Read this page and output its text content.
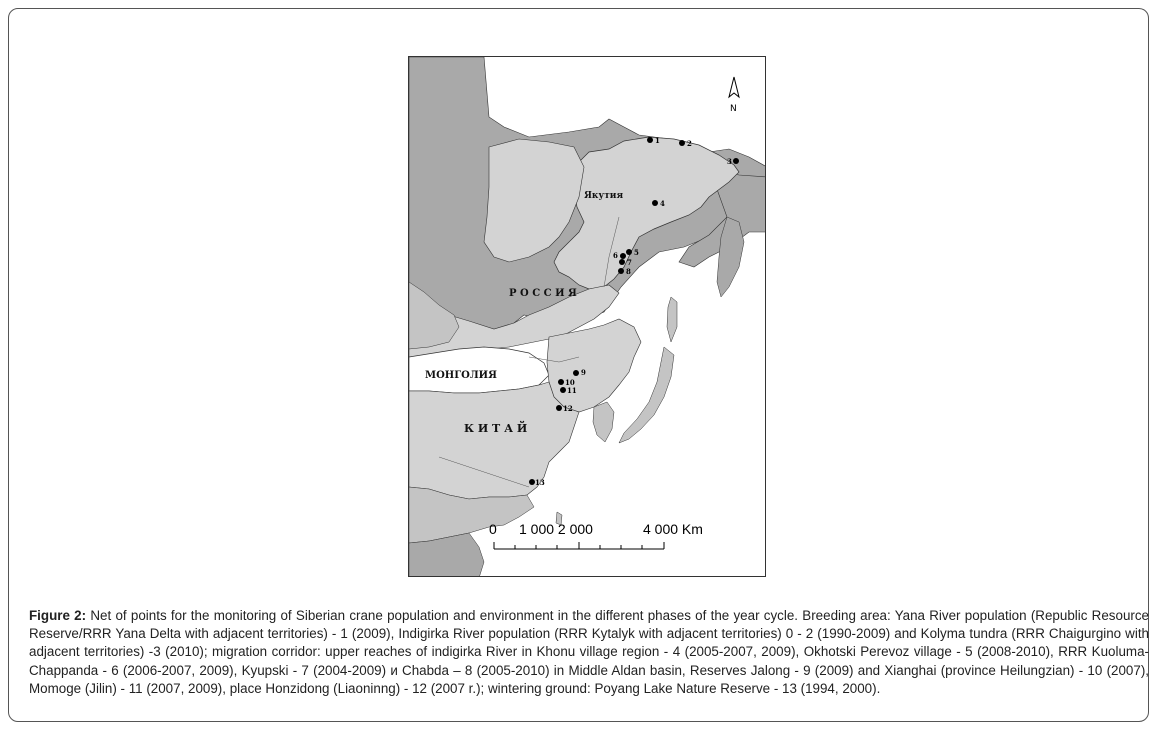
N
Якутия
Р О С С И Я
МОНГОЛИЯ
К И Т А Й
1	2
3
4
5
6
7
8
9
10
11
12
13
0 1 000 2 000	4 000 Km
Figure 2: Net of points for the monitoring of Siberian crane population and environment in the different phases of the year cycle. Breeding area: Yana River population (Republic Resource Reserve/RRR Yana Delta with adjacent territories) - 1 (2009), Indigirka River population (RRR Kytalyk with adjacent territories) 0 - 2 (1990-2009) and Kolyma tundra (RRR Chaigurgino with adjacent territories) -3 (2010); migration corridor: upper reaches of indigirka River in Khonu village region - 4 (2005-2007, 2009), Okhotski Perevoz village - 5 (2008-2010), RRR Kuoluma-Chappanda - 6 (2006-2007, 2009), Kyupski - 7 (2004-2009) и Chabda – 8 (2005-2010) in Middle Aldan basin, Reserves Jalong - 9 (2009) and Xianghai (province Heilungzian) - 10 (2007), Momoge (Jilin) - 11 (2007, 2009), place Honzidong (Liaoninng) - 12 (2007 r.); wintering ground: Poyang Lake Nature Reserve - 13 (1994, 2000).
